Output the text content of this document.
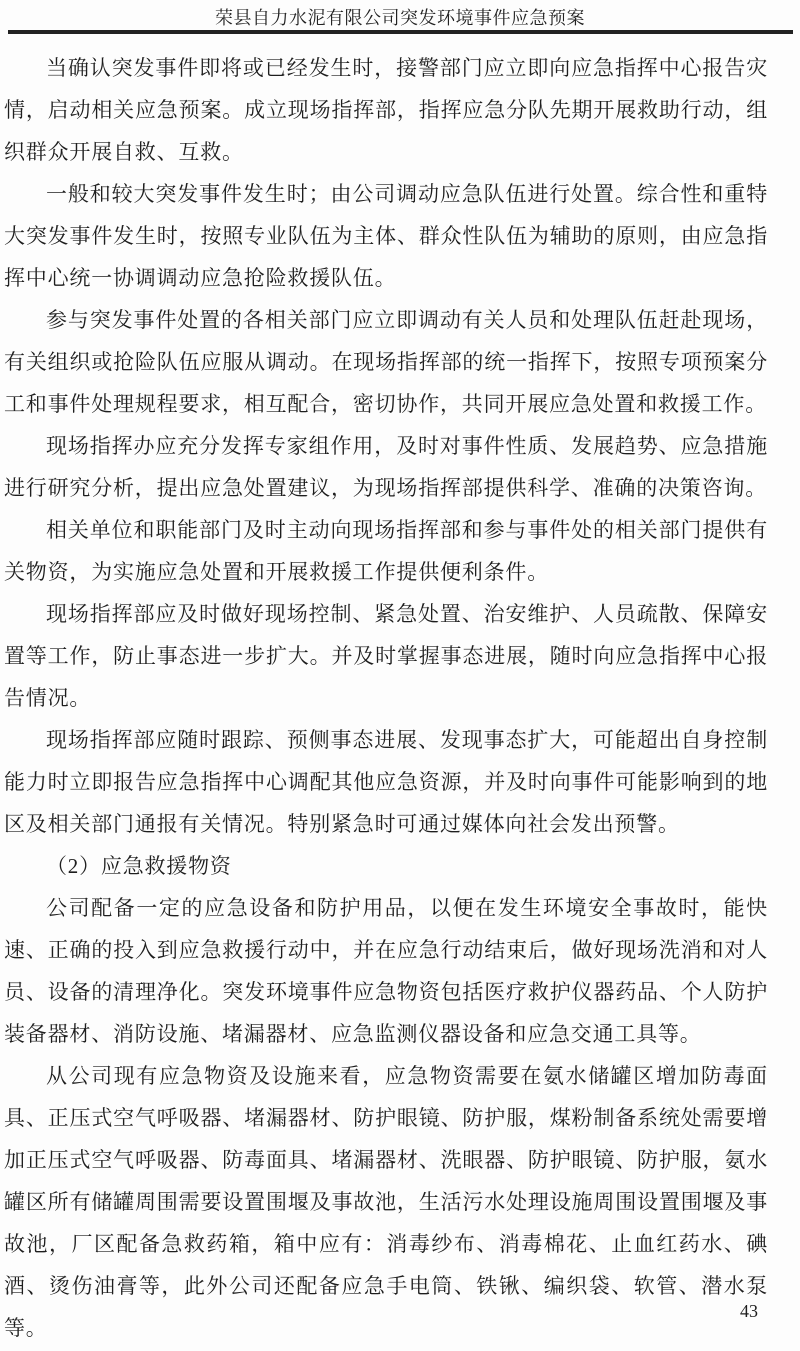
荣县自力水泥有限公司突发环境事件应急预案

当确认突发事件即将或已经发生时，接警部门应立即向应急指挥中心报告灾情，启动相关应急预案。成立现场指挥部，指挥应急分队先期开展救助行动，组织群众开展自救、互救。

一般和较大突发事件发生时；由公司调动应急队伍进行处置。综合性和重特大突发事件发生时，按照专业队伍为主体、群众性队伍为辅助的原则，由应急指挥中心统一协调调动应急抢险救援队伍。

参与突发事件处置的各相关部门应立即调动有关人员和处理队伍赶赴现场，有关组织或抢险队伍应服从调动。在现场指挥部的统一指挥下，按照专项预案分工和事件处理规程要求，相互配合，密切协作，共同开展应急处置和救援工作。

现场指挥办应充分发挥专家组作用，及时对事件性质、发展趋势、应急措施进行研究分析，提出应急处置建议，为现场指挥部提供科学、准确的决策咨询。

相关单位和职能部门及时主动向现场指挥部和参与事件处的相关部门提供有关物资，为实施应急处置和开展救援工作提供便利条件。

现场指挥部应及时做好现场控制、紧急处置、治安维护、人员疏散、保障安置等工作，防止事态进一步扩大。并及时掌握事态进展，随时向应急指挥中心报告情况。

现场指挥部应随时跟踪、预侧事态进展、发现事态扩大，可能超出自身控制能力时立即报告应急指挥中心调配其他应急资源，并及时向事件可能影响到的地区及相关部门通报有关情况。特别紧急时可通过媒体向社会发出预警。

（2）应急救援物资

公司配备一定的应急设备和防护用品，以便在发生环境安全事故时，能快速、正确的投入到应急救援行动中，并在应急行动结束后，做好现场洗消和对人员、设备的清理净化。突发环境事件应急物资包括医疗救护仪器药品、个人防护装备器材、消防设施、堵漏器材、应急监测仪器设备和应急交通工具等。

从公司现有应急物资及设施来看，应急物资需要在氨水储罐区增加防毒面具、正压式空气呼吸器、堵漏器材、防护眼镜、防护服，煤粉制备系统处需要增加正压式空气呼吸器、防毒面具、堵漏器材、洗眼器、防护眼镜、防护服，氨水罐区所有储罐周围需要设置围堰及事故池，生活污水处理设施周围设置围堰及事故池，厂区配备急救药箱，箱中应有：消毒纱布、消毒棉花、止血红药水、碘酒、烫伤油膏等，此外公司还配备应急手电筒、铁锹、编织袋、软管、潜水泵等。

43
